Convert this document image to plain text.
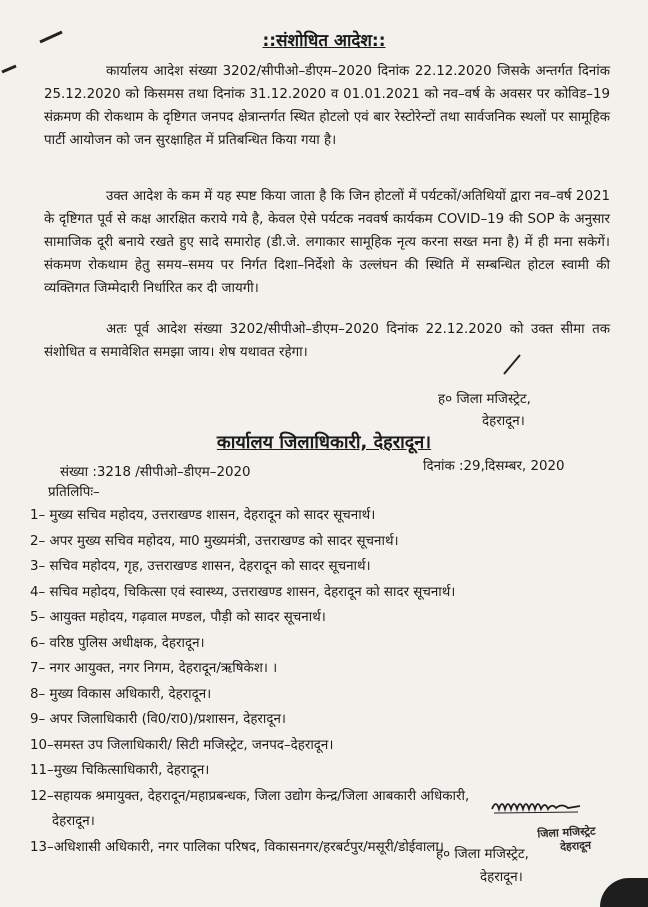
::संशोधित आदेश::

कार्यालय आदेश संख्या 3202/सीपीओ–डीएम–2020 दिनांक 22.12.2020 जिसके अन्तर्गत दिनांक 25.12.2020 को किसमस तथा दिनांक 31.12.2020 व 01.01.2021 को नव–वर्ष के अवसर पर कोविड–19 संक्रमण की रोकथाम के दृष्टिगत जनपद क्षेत्रान्तर्गत स्थित होटलो एवं बार रेस्टोरेन्टों तथा सार्वजनिक स्थलों पर सामूहिक पार्टी आयोजन को जन सुरक्षाहित में प्रतिबन्धित किया गया है।

उक्त आदेश के कम में यह स्पष्ट किया जाता है कि जिन होटलों में पर्यटकों/अतिथियों द्वारा नव–वर्ष 2021 के दृष्टिगत पूर्व से कक्ष आरक्षित कराये गये है, केवल ऐसे पर्यटक नववर्ष कार्यकम COVID–19 की SOP के अनुसार सामाजिक दूरी बनाये रखते हुए सादे समारोह (डी.जे. लगाकार सामूहिक नृत्य करना सख्त मना है) में ही मना सकेगें। संकमण रोकथाम हेतु समय–समय पर निर्गत दिशा–निर्देशो के उल्लंघन की स्थिति में सम्बन्धित होटल स्वामी की व्यक्तिगत जिम्मेदारी निर्धारित कर दी जायगी।

अतः पूर्व आदेश संख्या 3202/सीपीओ–डीएम–2020 दिनांक 22.12.2020 को उक्त सीमा तक संशोधित व समावेशित समझा जाय। शेष यथावत रहेगा।

ह० जिला मजिस्ट्रेट,
देहरादून।
कार्यालय जिलाधिकारी, देहरादून।
संख्या :3218 /सीपीओ–डीएम–2020	दिनांक :29,दिसम्बर, 2020
प्रतिलिपिः–
1– मुख्य सचिव महोदय, उत्तराखण्ड शासन, देहरादून को सादर सूचनार्थ।
2– अपर मुख्य सचिव महोदय, मा0 मुख्यमंत्री, उत्तराखण्ड को सादर सूचनार्थ।
3– सचिव महोदय, गृह, उत्तराखण्ड शासन, देहरादून को सादर सूचनार्थ।
4– सचिव महोदय, चिकित्सा एवं स्वास्थ्य, उत्तराखण्ड शासन, देहरादून को सादर सूचनार्थ।
5– आयुक्त महोदय, गढ़वाल मण्डल, पौड़ी को सादर सूचनार्थ।
6– वरिष्ठ पुलिस अधीक्षक, देहरादून।
7– नगर आयुक्त, नगर निगम, देहरादून/ऋषिकेश। ।
8– मुख्य विकास अधिकारी, देहरादून।
9– अपर जिलाधिकारी (वि0/रा0)/प्रशासन, देहरादून।
10–समस्त उप जिलाधिकारी/ सिटी मजिस्ट्रेट, जनपद–देहरादून।
11–मुख्य चिकित्साधिकारी, देहरादून।
12–सहायक श्रमायुक्त, देहरादून/महाप्रबन्धक, जिला उद्योग केन्द्र/जिला आबकारी अधिकारी,
देहरादून।
13–अधिशासी अधिकारी, नगर पालिका परिषद, विकासनगर/हरबर्टपुर/मसूरी/डोईवाला।
जिला मजिस्ट्रेट
देहरादून
ह० जिला मजिस्ट्रेट,
देहरादून।
